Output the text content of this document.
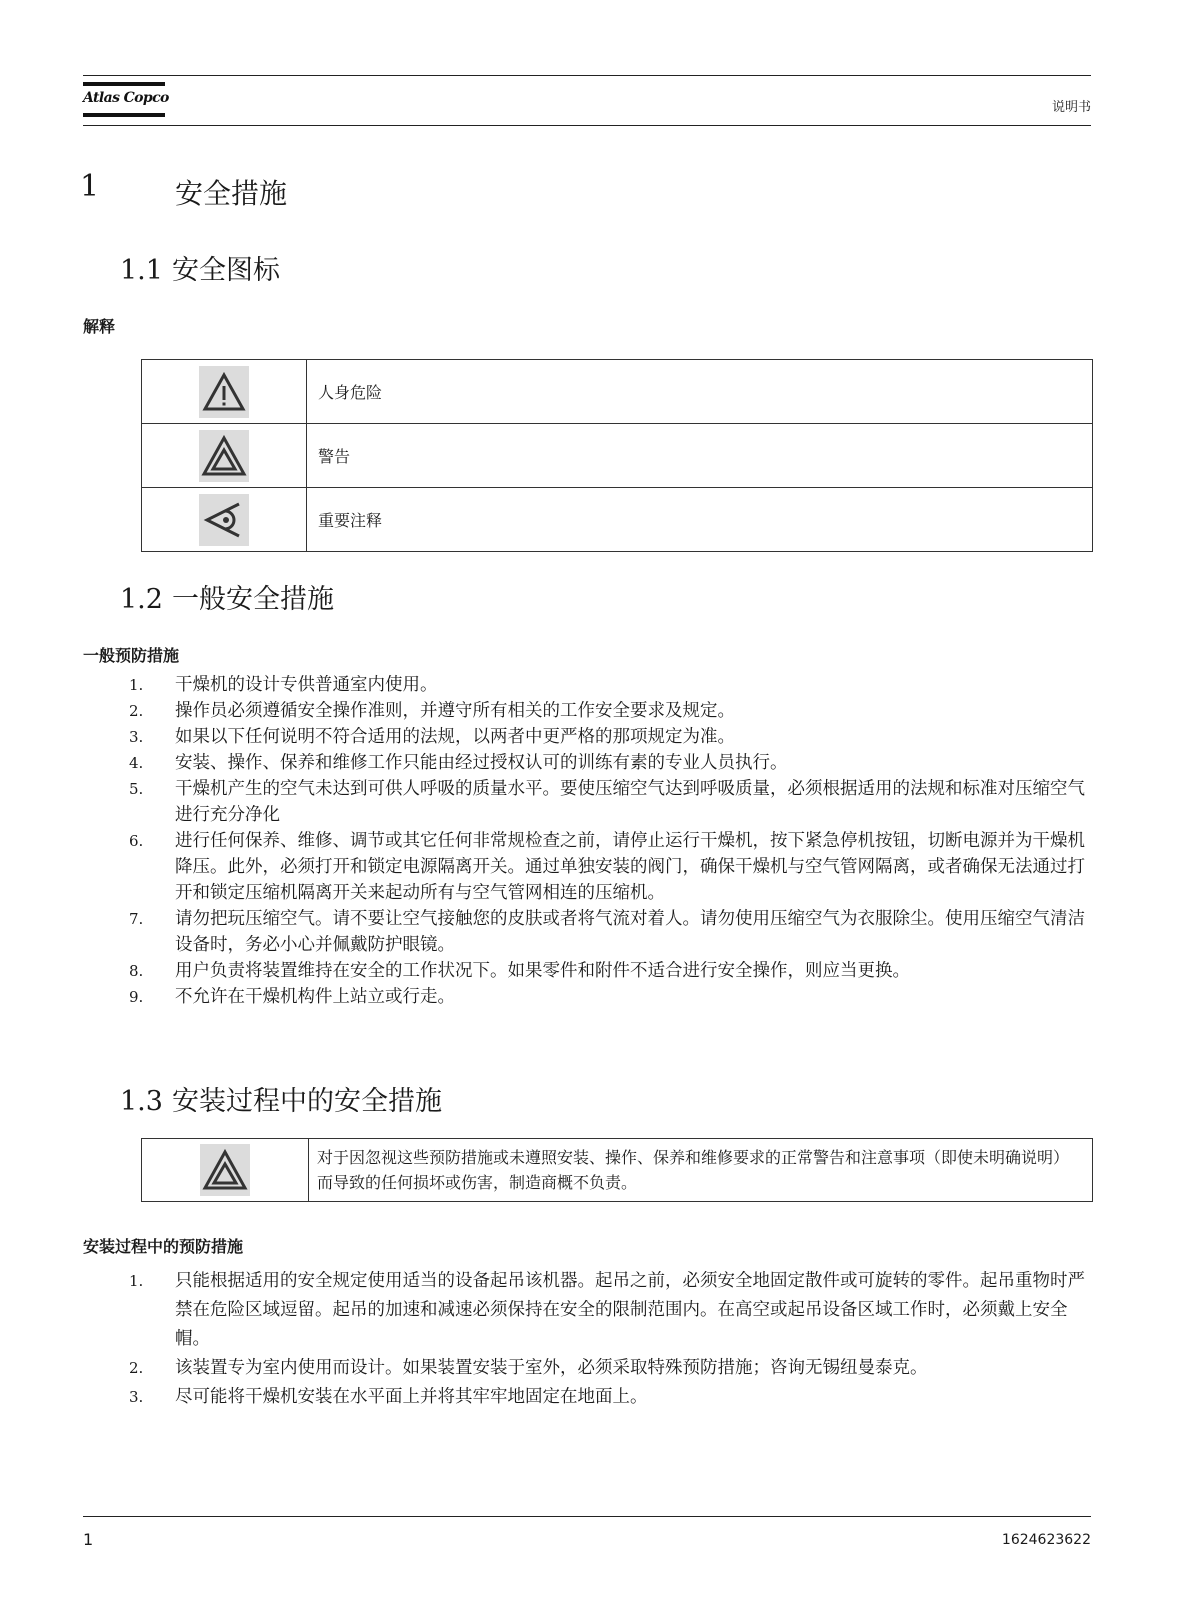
Atlas Copco
说明书
1	安全措施
1.1 安全图标
解释
	人身危险
	警告
	重要注释
1.2 一般安全措施
一般预防措施
1. 干燥机的设计专供普通室内使用。
2. 操作员必须遵循安全操作准则，并遵守所有相关的工作安全要求及规定。
3. 如果以下任何说明不符合适用的法规，以两者中更严格的那项规定为准。
4. 安装、操作、保养和维修工作只能由经过授权认可的训练有素的专业人员执行。
5. 干燥机产生的空气未达到可供人呼吸的质量水平。要使压缩空气达到呼吸质量，必须根据适用的法规和标准对压缩空气进行充分净化
6. 进行任何保养、维修、调节或其它任何非常规检查之前，请停止运行干燥机，按下紧急停机按钮，切断电源并为干燥机降压。此外，必须打开和锁定电源隔离开关。通过单独安装的阀门，确保干燥机与空气管网隔离，或者确保无法通过打开和锁定压缩机隔离开关来起动所有与空气管网相连的压缩机。
7. 请勿把玩压缩空气。请不要让空气接触您的皮肤或者将气流对着人。请勿使用压缩空气为衣服除尘。使用压缩空气清洁设备时，务必小心并佩戴防护眼镜。
8. 用户负责将装置维持在安全的工作状况下。如果零件和附件不适合进行安全操作，则应当更换。
9. 不允许在干燥机构件上站立或行走。
1.3 安装过程中的安全措施
	对于因忽视这些预防措施或未遵照安装、操作、保养和维修要求的正常警告和注意事项（即使未明确说明）而导致的任何损坏或伤害，制造商概不负责。
安装过程中的预防措施
1. 只能根据适用的安全规定使用适当的设备起吊该机器。起吊之前，必须安全地固定散件或可旋转的零件。起吊重物时严禁在危险区域逗留。起吊的加速和减速必须保持在安全的限制范围内。在高空或起吊设备区域工作时，必须戴上安全帽。
2. 该装置专为室内使用而设计。如果装置安装于室外，必须采取特殊预防措施；咨询无锡纽曼泰克。
3. 尽可能将干燥机安装在水平面上并将其牢牢地固定在地面上。
1	1624623622
